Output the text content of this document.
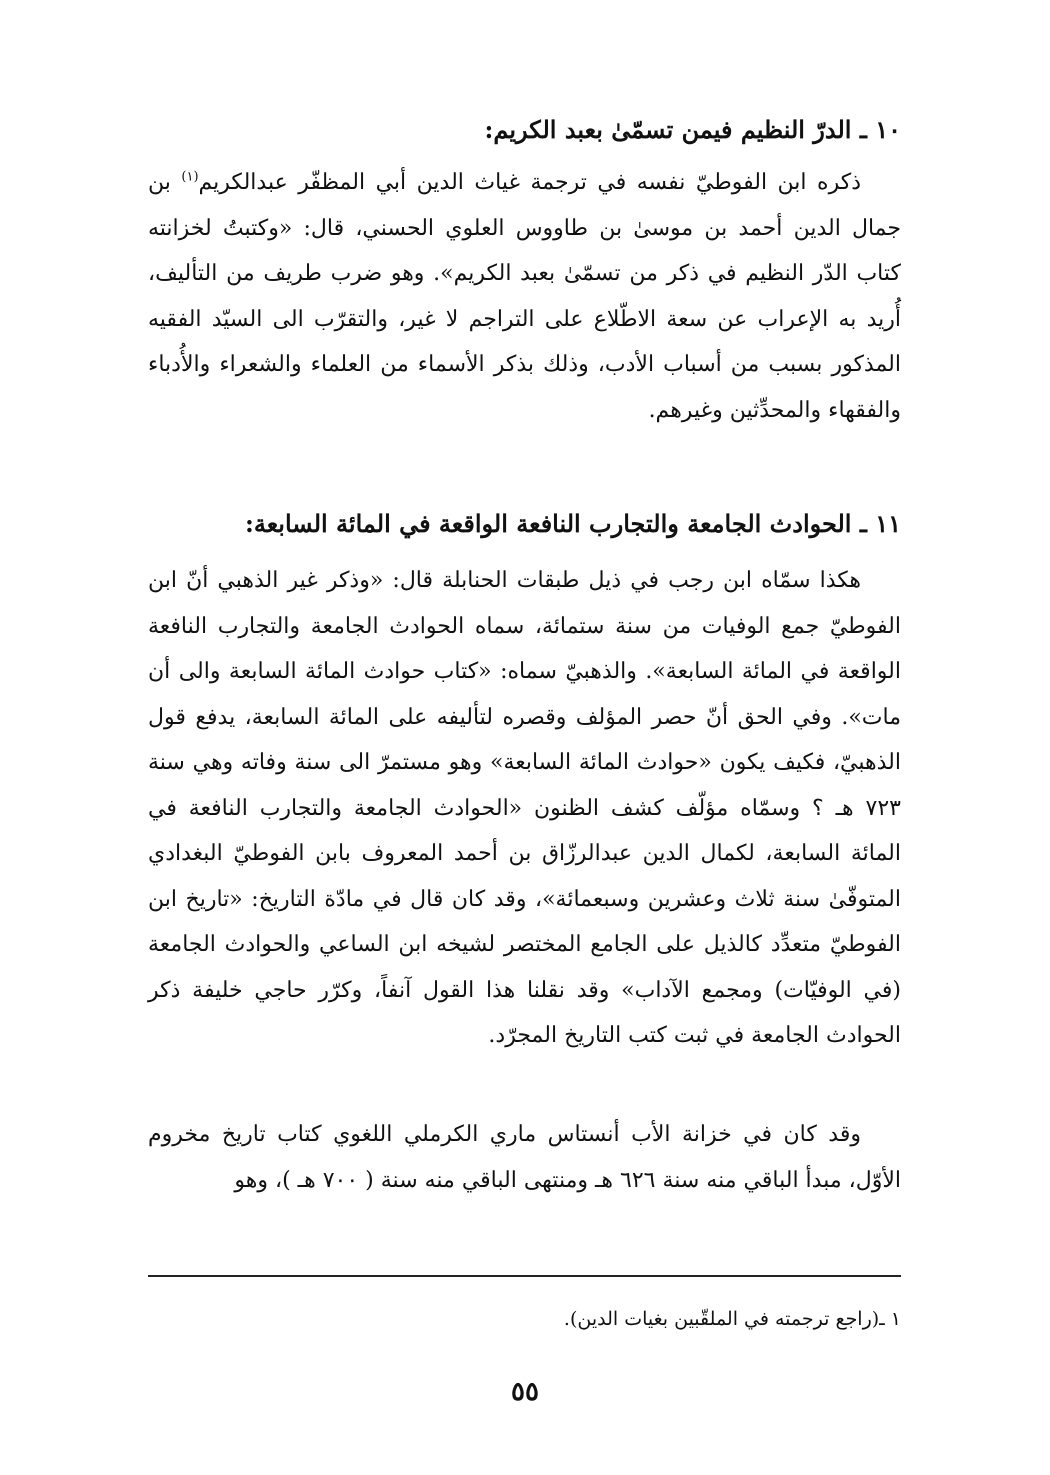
١٠ ـ الدرّ النظيم فيمن تسمّىٰ بعبد الكريم:

ذكره ابن الفوطيّ نفسه في ترجمة غياث الدين أبي المظفّر عبدالكريم$^{(١)}$ بن جمال الدين أحمد بن موسىٰ بن طاووس العلوي الحسني، قال: «وكتبتُ لخزانته كتاب الدّر النظيم في ذكر من تسمّىٰ بعبد الكريم». وهو ضرب طريف من التأليف، أُريد به الإعراب عن سعة الاطّلاع على التراجم لا غير، والتقرّب الى السيّد الفقيه المذكور بسبب من أسباب الأدب، وذلك بذكر الأسماء من العلماء والشعراء والأُدباء والفقهاء والمحدِّثين وغيرهم.

١١ ـ الحوادث الجامعة والتجارب النافعة الواقعة في المائة السابعة:

هكذا سمّاه ابن رجب في ذيل طبقات الحنابلة قال: «وذكر غير الذهبي أنّ ابن الفوطيّ جمع الوفيات من سنة ستمائة، سماه الحوادث الجامعة والتجارب النافعة الواقعة في المائة السابعة». والذهبيّ سماه: «كتاب حوادث المائة السابعة والى أن مات». وفي الحق أنّ حصر المؤلف وقصره لتأليفه على المائة السابعة، يدفع قول الذهبيّ، فكيف يكون «حوادث المائة السابعة» وهو مستمرّ الى سنة وفاته وهي سنة ٧٢٣ هـ ؟ وسمّاه مؤلّف كشف الظنون «الحوادث الجامعة والتجارب النافعة في المائة السابعة، لكمال الدين عبدالرزّاق بن أحمد المعروف بابن الفوطيّ البغدادي المتوفّىٰ سنة ثلاث وعشرين وسبعمائة»، وقد كان قال في مادّة التاريخ: «تاريخ ابن الفوطيّ متعدِّد كالذيل على الجامع المختصر لشيخه ابن الساعي والحوادث الجامعة (في الوفيّات) ومجمع الآداب» وقد نقلنا هذا القول آنفاً، وكرّر حاجي خليفة ذكر الحوادث الجامعة في ثبت كتب التاريخ المجرّد.

وقد كان في خزانة الأب أنستاس ماري الكرملي اللغوي كتاب تاريخ مخروم الأوّل، مبدأ الباقي منه سنة ٦٢٦ هـ ومنتهى الباقي منه سنة ( ٧٠٠ هـ )، وهو

١ ـ(راجع ترجمته في الملقّبين بغيات الدين).
٥٥
